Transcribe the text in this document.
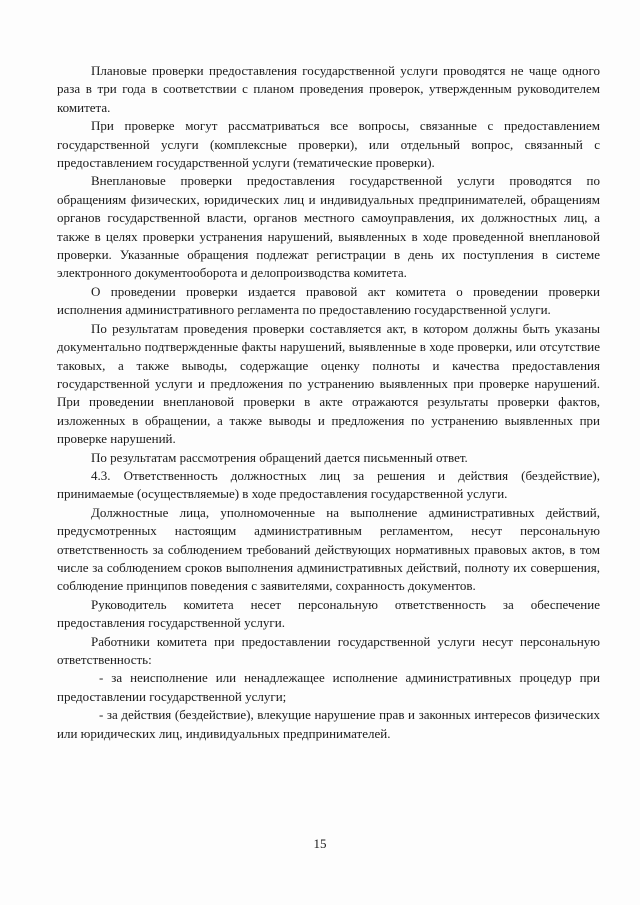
Плановые проверки предоставления государственной услуги проводятся не чаще одного раза в три года в соответствии с планом проведения проверок, утвержденным руководителем комитета.

При проверке могут рассматриваться все вопросы, связанные с предоставлением государственной услуги (комплексные проверки), или отдельный вопрос, связанный с предоставлением государственной услуги (тематические проверки).

Внеплановые проверки предоставления государственной услуги проводятся по обращениям физических, юридических лиц и индивидуальных предпринимателей, обращениям органов государственной власти, органов местного самоуправления, их должностных лиц, а также в целях проверки устранения нарушений, выявленных в ходе проведенной внеплановой проверки. Указанные обращения подлежат регистрации в день их поступления в системе электронного документооборота и делопроизводства комитета.

О проведении проверки издается правовой акт комитета о проведении проверки исполнения административного регламента по предоставлению государственной услуги.

По результатам проведения проверки составляется акт, в котором должны быть указаны документально подтвержденные факты нарушений, выявленные в ходе проверки, или отсутствие таковых, а также выводы, содержащие оценку полноты и качества предоставления государственной услуги и предложения по устранению выявленных при проверке нарушений. При проведении внеплановой проверки в акте отражаются результаты проверки фактов, изложенных в обращении, а также выводы и предложения по устранению выявленных при проверке нарушений.

По результатам рассмотрения обращений дается письменный ответ.

4.3. Ответственность должностных лиц за решения и действия (бездействие), принимаемые (осуществляемые) в ходе предоставления государственной услуги.

Должностные лица, уполномоченные на выполнение административных действий, предусмотренных настоящим административным регламентом, несут персональную ответственность за соблюдением требований действующих нормативных правовых актов, в том числе за соблюдением сроков выполнения административных действий, полноту их совершения, соблюдение принципов поведения с заявителями, сохранность документов.

Руководитель комитета несет персональную ответственность за обеспечение предоставления государственной услуги.

Работники комитета при предоставлении государственной услуги несут персональную ответственность:

- за неисполнение или ненадлежащее исполнение административных процедур при предоставлении государственной услуги;

- за действия (бездействие), влекущие нарушение прав и законных интересов физических или юридических лиц, индивидуальных предпринимателей.

15
